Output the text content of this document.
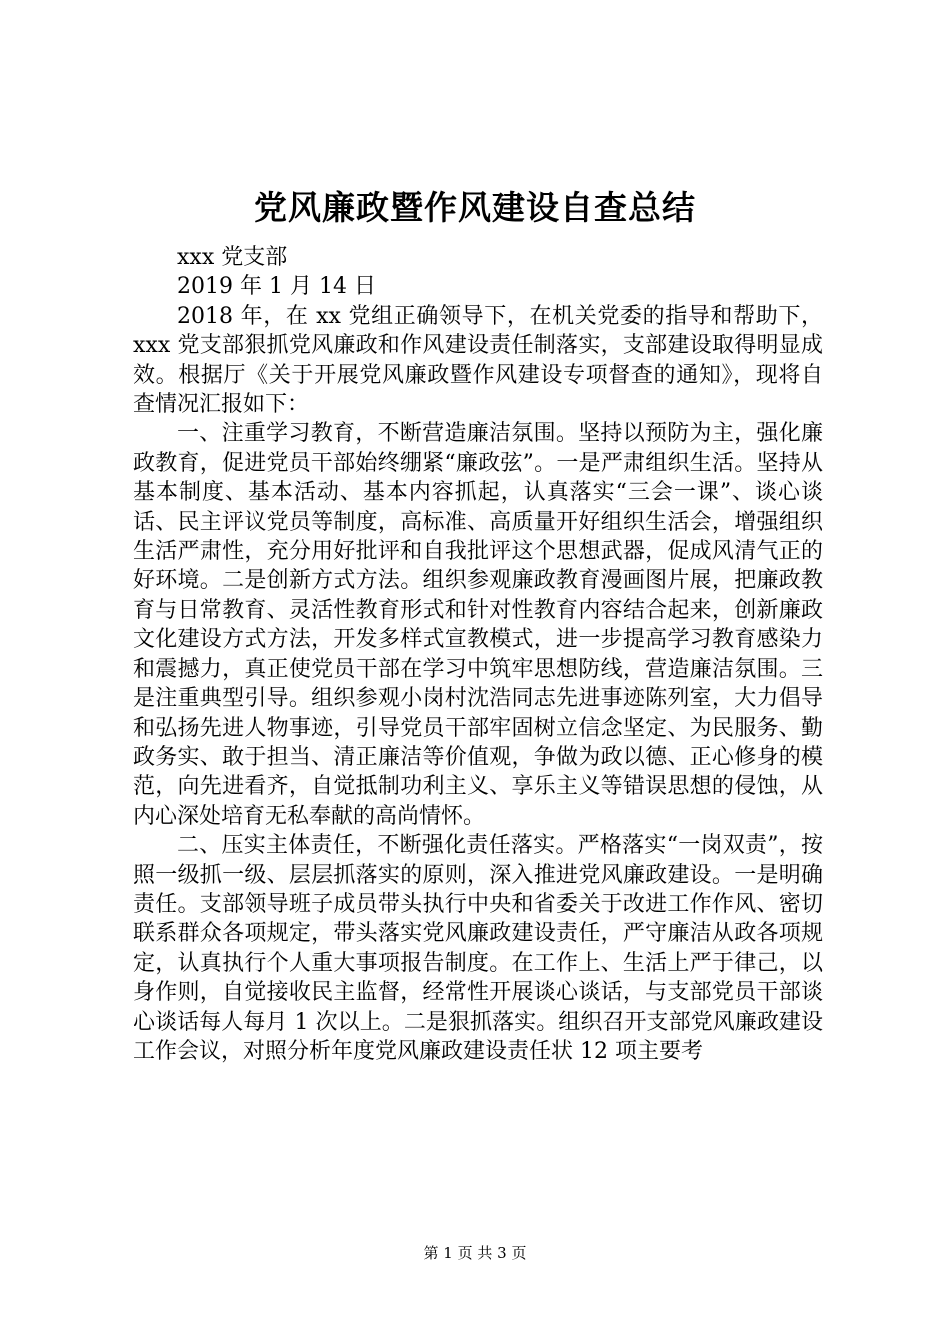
党风廉政暨作风建设自查总结

xxx 党支部

2019 年 1 月 14 日

2018 年，在 xx 党组正确领导下，在机关党委的指导和帮助下，xxx 党支部狠抓党风廉政和作风建设责任制落实，支部建设取得明显成效。根据厅《关于开展党风廉政暨作风建设专项督查的通知》，现将自查情况汇报如下：

一、注重学习教育，不断营造廉洁氛围。坚持以预防为主，强化廉政教育，促进党员干部始终绷紧“廉政弦”。一是严肃组织生活。坚持从基本制度、基本活动、基本内容抓起，认真落实“三会一课”、谈心谈话、民主评议党员等制度，高标准、高质量开好组织生活会，增强组织生活严肃性，充分用好批评和自我批评这个思想武器，促成风清气正的好环境。二是创新方式方法。组织参观廉政教育漫画图片展，把廉政教育与日常教育、灵活性教育形式和针对性教育内容结合起来，创新廉政文化建设方式方法，开发多样式宣教模式，进一步提高学习教育感染力和震撼力，真正使党员干部在学习中筑牢思想防线，营造廉洁氛围。三是注重典型引导。组织参观小岗村沈浩同志先进事迹陈列室，大力倡导和弘扬先进人物事迹，引导党员干部牢固树立信念坚定、为民服务、勤政务实、敢于担当、清正廉洁等价值观，争做为政以德、正心修身的模范，向先进看齐，自觉抵制功利主义、享乐主义等错误思想的侵蚀，从内心深处培育无私奉献的高尚情怀。

二、压实主体责任，不断强化责任落实。严格落实“一岗双责”，按照一级抓一级、层层抓落实的原则，深入推进党风廉政建设。一是明确责任。支部领导班子成员带头执行中央和省委关于改进工作作风、密切联系群众各项规定，带头落实党风廉政建设责任，严守廉洁从政各项规定，认真执行个人重大事项报告制度。在工作上、生活上严于律己，以身作则，自觉接收民主监督，经常性开展谈心谈话，与支部党员干部谈心谈话每人每月 1 次以上。二是狠抓落实。组织召开支部党风廉政建设工作会议，对照分析年度党风廉政建设责任状 12 项主要考

第 1 页 共 3 页
